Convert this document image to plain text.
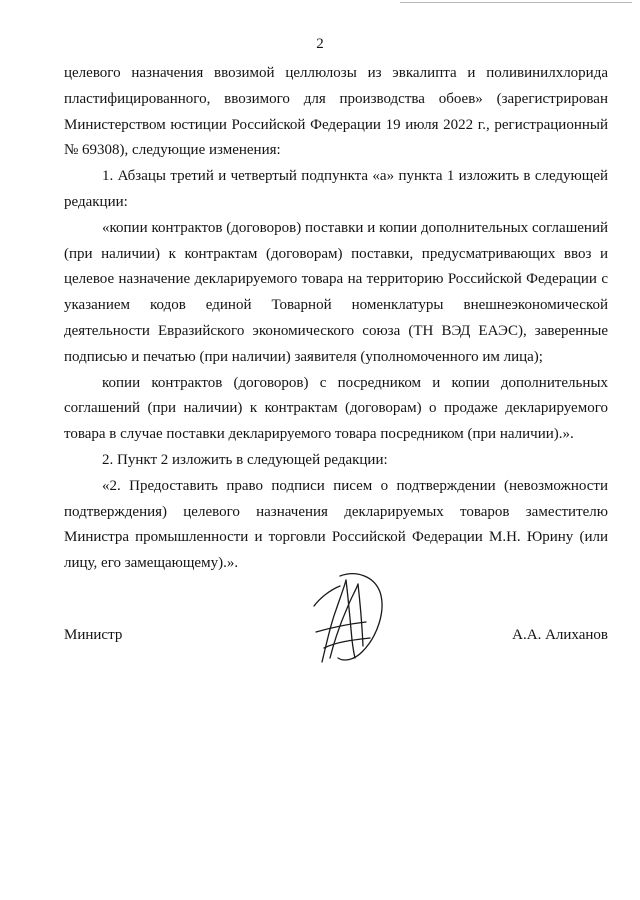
2

целевого назначения ввозимой целлюлозы из эвкалипта и поливинилхлорида пластифицированного, ввозимого для производства обоев» (зарегистрирован Министерством юстиции Российской Федерации 19 июля 2022 г., регистрационный № 69308), следующие изменения:

1. Абзацы третий и четвертый подпункта «а» пункта 1 изложить в следующей редакции:

«копии контрактов (договоров) поставки и копии дополнительных соглашений (при наличии) к контрактам (договорам) поставки, предусматривающих ввоз и целевое назначение декларируемого товара на территорию Российской Федерации с указанием кодов единой Товарной номенклатуры внешнеэкономической деятельности Евразийского экономического союза (ТН ВЭД ЕАЭС), заверенные подписью и печатью (при наличии) заявителя (уполномоченного им лица);

копии контрактов (договоров) с посредником и копии дополнительных соглашений (при наличии) к контрактам (договорам) о продаже декларируемого товара в случае поставки декларируемого товара посредником (при наличии).».

2. Пункт 2 изложить в следующей редакции:

«2. Предоставить право подписи писем о подтверждении (невозможности подтверждения) целевого назначения декларируемых товаров заместителю Министра промышленности и торговли Российской Федерации М.Н. Юрину (или лицу, его замещающему).».

Министр	А.А. Алиханов
